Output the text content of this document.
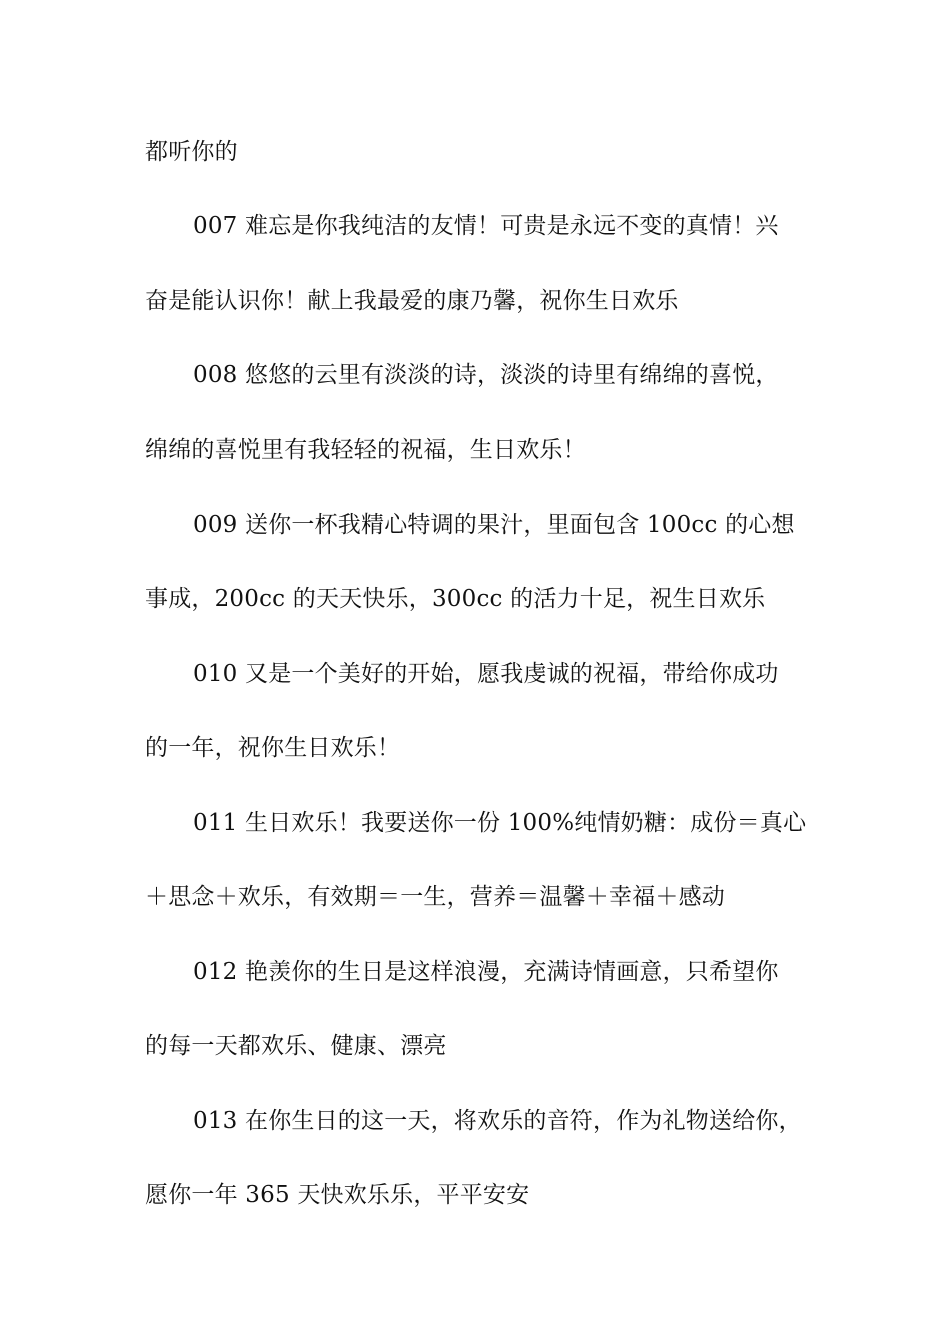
都听你的
007 难忘是你我纯洁的友情！可贵是永远不变的真情！兴
奋是能认识你！献上我最爱的康乃馨，祝你生日欢乐
008 悠悠的云里有淡淡的诗，淡淡的诗里有绵绵的喜悦，
绵绵的喜悦里有我轻轻的祝福，生日欢乐！
009 送你一杯我精心特调的果汁，里面包含 100cc 的心想
事成，200cc 的天天快乐，300cc 的活力十足，祝生日欢乐
010 又是一个美好的开始，愿我虔诚的祝福，带给你成功
的一年，祝你生日欢乐！
011 生日欢乐！我要送你一份 100%纯情奶糖：成份＝真心
＋思念＋欢乐，有效期＝一生，营养＝温馨＋幸福＋感动
012 艳羡你的生日是这样浪漫，充满诗情画意，只希望你
的每一天都欢乐、健康、漂亮
013 在你生日的这一天，将欢乐的音符，作为礼物送给你，
愿你一年 365 天快欢乐乐，平平安安
